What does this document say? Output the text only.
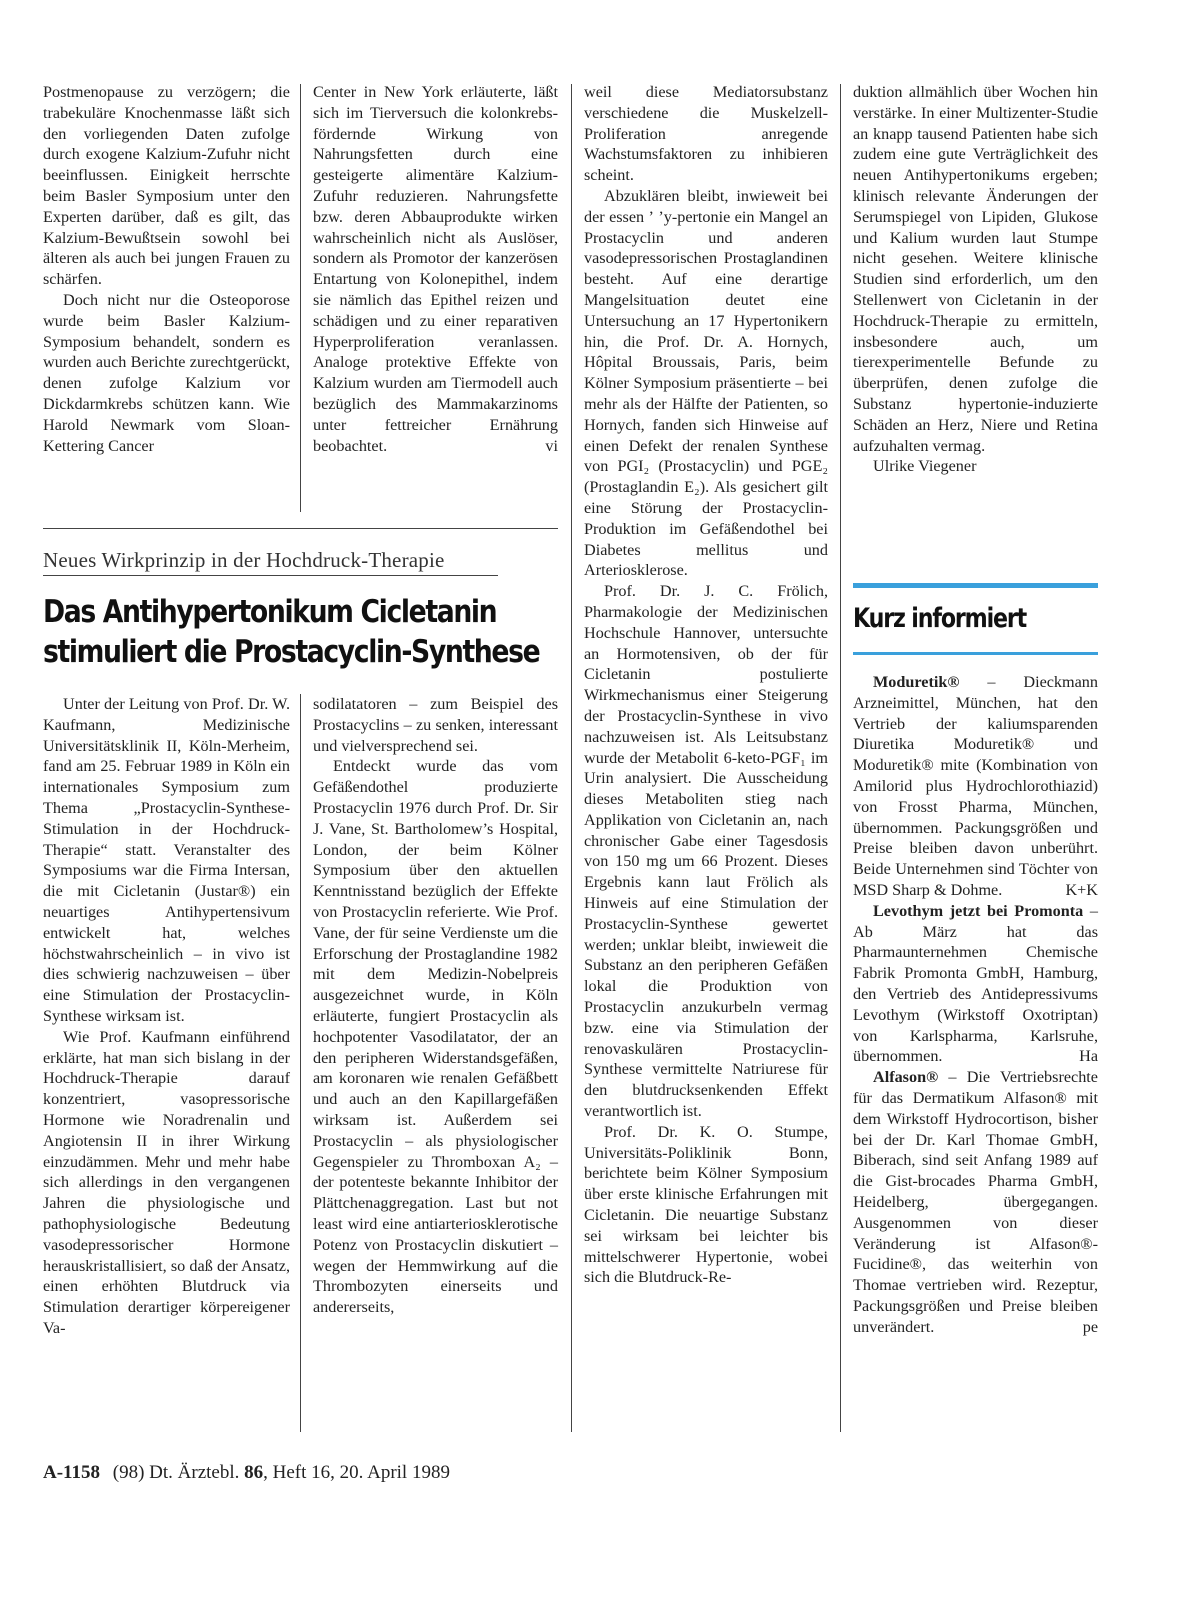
Postmenopause zu verzögern; die trabekuläre Knochenmasse läßt sich den vorliegenden Daten zufolge durch exogene Kalzium-Zufuhr nicht beeinflussen. Einigkeit herrschte beim Basler Symposium unter den Experten darüber, daß es gilt, das Kalzium-Bewußtsein sowohl bei älteren als auch bei jungen Frauen zu schärfen.

Doch nicht nur die Osteoporose wurde beim Basler Kalzium-Symposium behandelt, sondern es wurden auch Berichte zurechtgerückt, denen zufolge Kalzium vor Dickdarmkrebs schützen kann. Wie Harold Newmark vom Sloan-Kettering Cancer

Center in New York erläuterte, läßt sich im Tierversuch die kolonkrebs-fördernde Wirkung von Nahrungsfetten durch eine gesteigerte alimentäre Kalzium-Zufuhr reduzieren. Nahrungsfette bzw. deren Abbauprodukte wirken wahrscheinlich nicht als Auslöser, sondern als Promotor der kanzerösen Entartung von Kolonepithel, indem sie nämlich das Epithel reizen und schädigen und zu einer reparativen Hyperproliferation veranlassen. Analoge protektive Effekte von Kalzium wurden am Tiermodell auch bezüglich des Mammakarzinoms unter fettreicher Ernährung beobachtet.	vi
Neues Wirkprinzip in der Hochdruck-Therapie
Das Antihypertonikum Cicletanin
stimuliert die Prostacyclin-Synthese

Unter der Leitung von Prof. Dr. W. Kaufmann, Medizinische Universitätsklinik II, Köln-Merheim, fand am 25. Februar 1989 in Köln ein internationales Symposium zum Thema „Prostacyclin-Synthese-Stimulation in der Hochdruck-Therapie“ statt. Veranstalter des Symposiums war die Firma Intersan, die mit Cicletanin (Justar®) ein neuartiges Antihypertensivum entwickelt hat, welches höchstwahrscheinlich – in vivo ist dies schwierig nachzuweisen – über eine Stimulation der Prostacyclin-Synthese wirksam ist.

Wie Prof. Kaufmann einführend erklärte, hat man sich bislang in der Hochdruck-Therapie darauf konzentriert, vasopressorische Hormone wie Noradrenalin und Angiotensin II in ihrer Wirkung einzudämmen. Mehr und mehr habe sich allerdings in den vergangenen Jahren die physiologische und pathophysiologische Bedeutung vasodepressorischer Hormone herauskristallisiert, so daß der Ansatz, einen erhöhten Blutdruck via Stimulation derartiger körpereigener Va-

sodilatatoren – zum Beispiel des Prostacyclins – zu senken, interessant und vielversprechend sei.

Entdeckt wurde das vom Gefäßendothel produzierte Prostacyclin 1976 durch Prof. Dr. Sir J. Vane, St. Bartholomew’s Hospital, London, der beim Kölner Symposium über den aktuellen Kenntnisstand bezüglich der Effekte von Prostacyclin referierte. Wie Prof. Vane, der für seine Verdienste um die Erforschung der Prostaglandine 1982 mit dem Medizin-Nobelpreis ausgezeichnet wurde, in Köln erläuterte, fungiert Prostacyclin als hochpotenter Vasodilatator, der an den peripheren Widerstandsgefäßen, am koronaren wie renalen Gefäßbett und auch an den Kapillargefäßen wirksam ist. Außerdem sei Prostacyclin – als physiologischer Gegenspieler zu Thromboxan A₂ – der potenteste bekannte Inhibitor der Plättchenaggregation. Last but not least wird eine antiarteriosklerotische Potenz von Prostacyclin diskutiert – wegen der Hemmwirkung auf die Thrombozyten einerseits und andererseits,

weil diese Mediatorsubstanz verschiedene die Muskelzell-Proliferation anregende Wachstumsfaktoren zu inhibieren scheint.

Abzuklären bleibt, inwieweit bei der essen ʼ ʼy-pertonie ein Mangel an Prostacyclin und anderen vasodepressorischen Prostaglandinen besteht. Auf eine derartige Mangelsituation deutet eine Untersuchung an 17 Hypertonikern hin, die Prof. Dr. A. Hornych, Hôpital Broussais, Paris, beim Kölner Symposium präsentierte – bei mehr als der Hälfte der Patienten, so Hornych, fanden sich Hinweise auf einen Defekt der renalen Synthese von PGI₂ (Prostacyclin) und PGE₂ (Prostaglandin E₂). Als gesichert gilt eine Störung der Prostacyclin-Produktion im Gefäßendothel bei Diabetes mellitus und Arteriosklerose.

Prof. Dr. J. C. Frölich, Pharmakologie der Medizinischen Hochschule Hannover, untersuchte an Hormotensiven, ob der für Cicletanin postulierte Wirkmechanismus einer Steigerung der Prostacyclin-Synthese in vivo nachzuweisen ist. Als Leitsubstanz wurde der Metabolit 6-keto-PGF₁ im Urin analysiert. Die Ausscheidung dieses Metaboliten stieg nach Applikation von Cicletanin an, nach chronischer Gabe einer Tagesdosis von 150 mg um 66 Prozent. Dieses Ergebnis kann laut Frölich als Hinweis auf eine Stimulation der Prostacyclin-Synthese gewertet werden; unklar bleibt, inwieweit die Substanz an den peripheren Gefäßen lokal die Produktion von Prostacyclin anzukurbeln vermag bzw. eine via Stimulation der renovaskulären Prostacyclin-Synthese vermittelte Natriurese für den blutdrucksenkenden Effekt verantwortlich ist.

Prof. Dr. K. O. Stumpe, Universitäts-Poliklinik Bonn, berichtete beim Kölner Symposium über erste klinische Erfahrungen mit Cicletanin. Die neuartige Substanz sei wirksam bei leichter bis mittelschwerer Hypertonie, wobei sich die Blutdruck-Re-

duktion allmählich über Wochen hin verstärke. In einer Multizenter-Studie an knapp tausend Patienten habe sich zudem eine gute Verträglichkeit des neuen Antihypertonikums ergeben; klinisch relevante Änderungen der Serumspiegel von Lipiden, Glukose und Kalium wurden laut Stumpe nicht gesehen. Weitere klinische Studien sind erforderlich, um den Stellenwert von Cicletanin in der Hochdruck-Therapie zu ermitteln, insbesondere auch, um tierexperimentelle Befunde zu überprüfen, denen zufolge die Substanz hypertonie-induzierte Schäden an Herz, Niere und Retina aufzuhalten vermag.

Ulrike Viegener

Kurz informiert

Moduretik® – Dieckmann Arzneimittel, München, hat den Vertrieb der kaliumsparenden Diuretika Moduretik® und Moduretik® mite (Kombination von Amilorid plus Hydrochlorothiazid) von Frosst Pharma, München, übernommen. Packungsgrößen und Preise bleiben davon unberührt. Beide Unternehmen sind Töchter von MSD Sharp & Dohme.	K+K

Levothym jetzt bei Promonta – Ab März hat das Pharmaunternehmen Chemische Fabrik Promonta GmbH, Hamburg, den Vertrieb des Antidepressivums Levothym (Wirkstoff Oxotriptan) von Karlspharma, Karlsruhe, übernommen.	Ha

Alfason® – Die Vertriebsrechte für das Dermatikum Alfason® mit dem Wirkstoff Hydrocortison, bisher bei der Dr. Karl Thomae GmbH, Biberach, sind seit Anfang 1989 auf die Gist-brocades Pharma GmbH, Heidelberg, übergegangen. Ausgenommen von dieser Veränderung ist Alfason®-Fucidine®, das weiterhin von Thomae vertrieben wird. Rezeptur, Packungsgrößen und Preise bleiben unverändert.	pe

A-1158 (98) Dt. Ärztebl. 86, Heft 16, 20. April 1989
